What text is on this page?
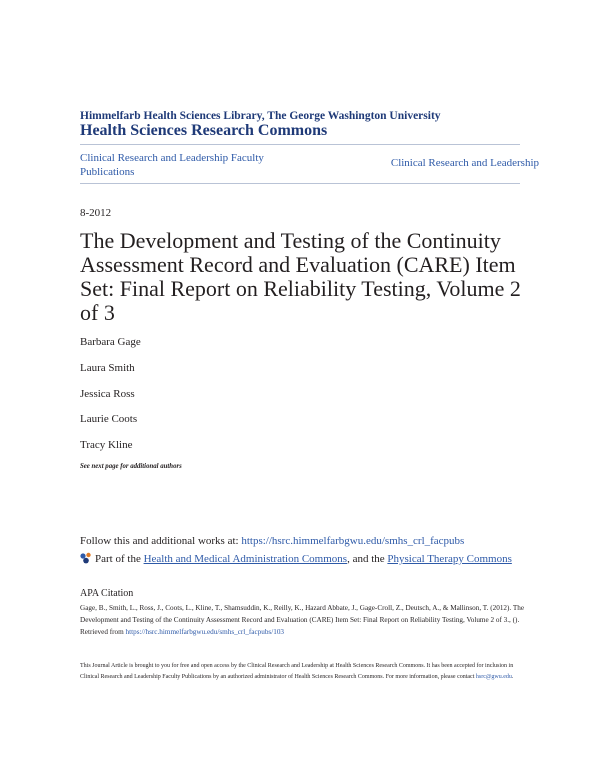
Himmelfarb Health Sciences Library, The George Washington University
Health Sciences Research Commons
Clinical Research and Leadership Faculty Publications
Clinical Research and Leadership
8-2012
The Development and Testing of the Continuity Assessment Record and Evaluation (CARE) Item Set: Final Report on Reliability Testing, Volume 2 of 3
Barbara Gage
Laura Smith
Jessica Ross
Laurie Coots
Tracy Kline
See next page for additional authors
Follow this and additional works at: https://hsrc.himmelfarbgwu.edu/smhs_crl_facpubs
Part of the Health and Medical Administration Commons, and the Physical Therapy Commons
APA Citation
Gage, B., Smith, L., Ross, J., Coots, L., Kline, T., Shamsuddin, K., Reilly, K., Hazard Abbate, J., Gage-Croll, Z., Deutsch, A., & Mallinson, T. (2012). The Development and Testing of the Continuity Assessment Record and Evaluation (CARE) Item Set: Final Report on Reliability Testing, Volume 2 of 3., (). Retrieved from https://hsrc.himmelfarbgwu.edu/smhs_crl_facpubs/103
This Journal Article is brought to you for free and open access by the Clinical Research and Leadership at Health Sciences Research Commons. It has been accepted for inclusion in Clinical Research and Leadership Faculty Publications by an authorized administrator of Health Sciences Research Commons. For more information, please contact hsrc@gwu.edu.
